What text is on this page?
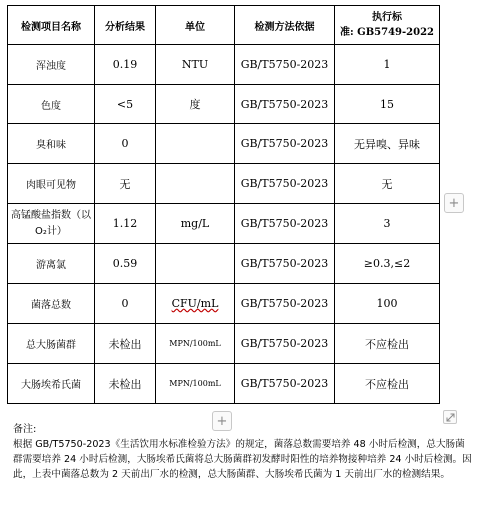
检测项目名称	分析结果	单位	检测方法依据	执行标
准: GB5749-2022
浑浊度	0.19	NTU	GB/T5750-2023	1
色度	<5	度	GB/T5750-2023	15
臭和味	0		GB/T5750-2023	无异嗅、异味
肉眼可见物	无		GB/T5750-2023	无
高锰酸盐指数（以 O₂计）	1.12	mg/L	GB/T5750-2023	3
游离氯	0.59		GB/T5750-2023	≥0.3,≤2
菌落总数	0	CFU/mL	GB/T5750-2023	100
总大肠菌群	未检出	MPN/100mL	GB/T5750-2023	不应检出
大肠埃希氏菌	未检出	MPN/100mL	GB/T5750-2023	不应检出
+
+
备注:
根据 GB/T5750-2023《生活饮用水标准检验方法》的规定，菌落总数需要培养 48 小时后检测，总大肠菌群需要培养 24 小时后检测，大肠埃希氏菌将总大肠菌群初发酵时阳性的培养物接种培养 24 小时后检测。因此，上表中菌落总数为 2 天前出厂水的检测，总大肠菌群、大肠埃希氏菌为 1 天前出厂水的检测结果。
